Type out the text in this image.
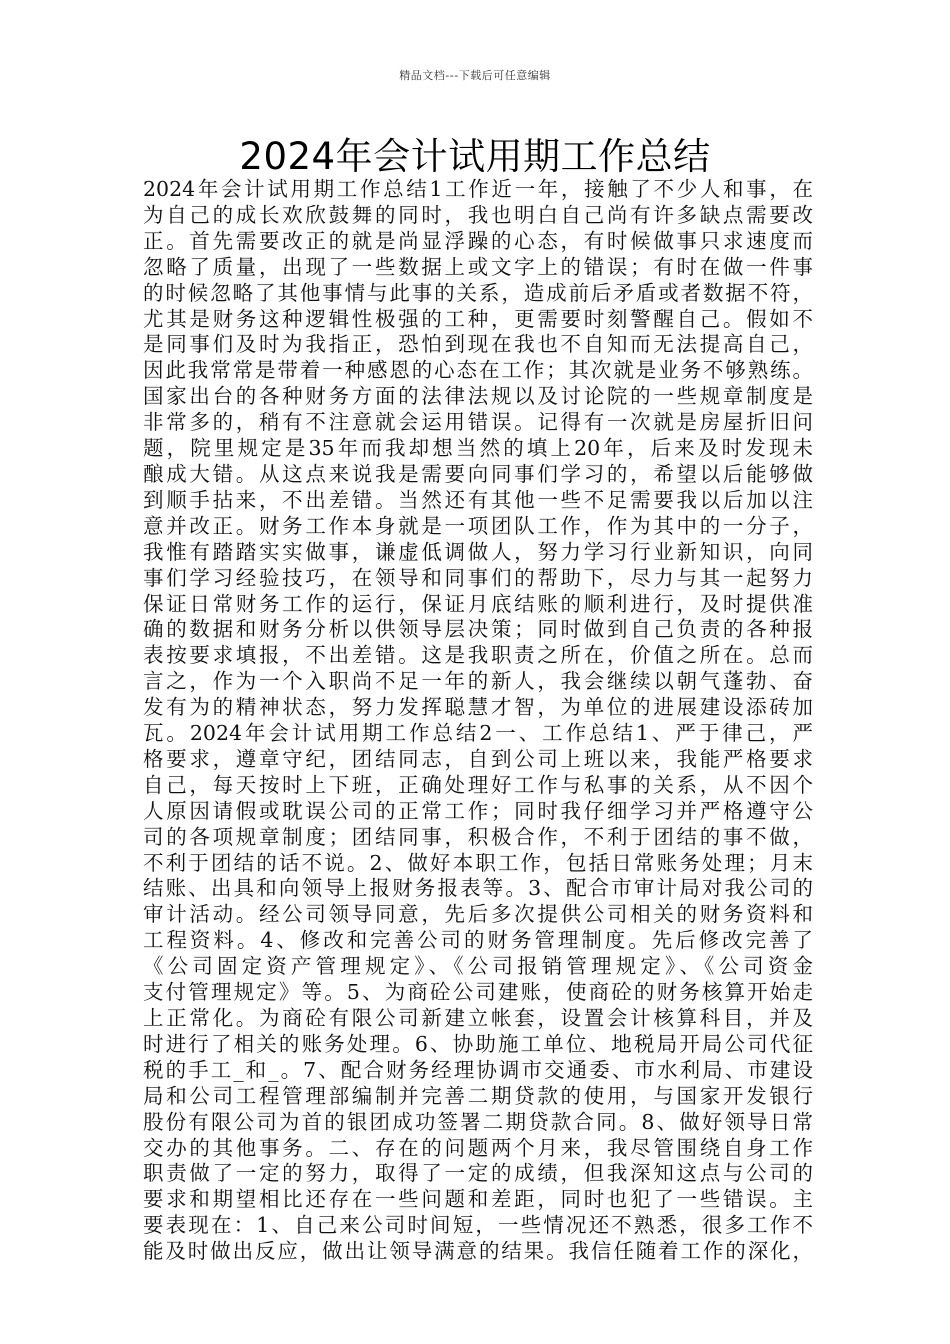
精品文档---下载后可任意编辑
2024年会计试用期工作总结
2024年会计试用期工作总结1工作近一年，接触了不少人和事，在
为自己的成长欢欣鼓舞的同时，我也明白自己尚有许多缺点需要改
正。首先需要改正的就是尚显浮躁的心态，有时候做事只求速度而
忽略了质量，出现了一些数据上或文字上的错误；有时在做一件事
的时候忽略了其他事情与此事的关系，造成前后矛盾或者数据不符，
尤其是财务这种逻辑性极强的工种，更需要时刻警醒自己。假如不
是同事们及时为我指正，恐怕到现在我也不自知而无法提高自己，
因此我常常是带着一种感恩的心态在工作；其次就是业务不够熟练。
国家出台的各种财务方面的法律法规以及讨论院的一些规章制度是
非常多的，稍有不注意就会运用错误。记得有一次就是房屋折旧问
题，院里规定是35年而我却想当然的填上20年，后来及时发现未
酿成大错。从这点来说我是需要向同事们学习的，希望以后能够做
到顺手拈来，不出差错。当然还有其他一些不足需要我以后加以注
意并改正。财务工作本身就是一项团队工作，作为其中的一分子，
我惟有踏踏实实做事，谦虚低调做人，努力学习行业新知识，向同
事们学习经验技巧，在领导和同事们的帮助下，尽力与其一起努力
保证日常财务工作的运行，保证月底结账的顺利进行，及时提供准
确的数据和财务分析以供领导层决策；同时做到自己负责的各种报
表按要求填报，不出差错。这是我职责之所在，价值之所在。总而
言之，作为一个入职尚不足一年的新人，我会继续以朝气蓬勃、奋
发有为的精神状态，努力发挥聪慧才智，为单位的进展建设添砖加
瓦。2024年会计试用期工作总结2一、工作总结1、严于律己，严
格要求，遵章守纪，团结同志，自到公司上班以来，我能严格要求
自己，每天按时上下班，正确处理好工作与私事的关系，从不因个
人原因请假或耽误公司的正常工作；同时我仔细学习并严格遵守公
司的各项规章制度；团结同事，积极合作，不利于团结的事不做，
不利于团结的话不说。2、做好本职工作，包括日常账务处理；月末
结账、出具和向领导上报财务报表等。3、配合市审计局对我公司的
审计活动。经公司领导同意，先后多次提供公司相关的财务资料和
工程资料。4、修改和完善公司的财务管理制度。先后修改完善了
《公司固定资产管理规定》、《公司报销管理规定》、《公司资金
支付管理规定》等。5、为商砼公司建账，使商砼的财务核算开始走
上正常化。为商砼有限公司新建立帐套，设置会计核算科目，并及
时进行了相关的账务处理。6、协助施工单位、地税局开局公司代征
税的手工_和_。7、配合财务经理协调市交通委、市水利局、市建设
局和公司工程管理部编制并完善二期贷款的使用，与国家开发银行
股份有限公司为首的银团成功签署二期贷款合同。8、做好领导日常
交办的其他事务。二、存在的问题两个月来，我尽管围绕自身工作
职责做了一定的努力，取得了一定的成绩，但我深知这点与公司的
要求和期望相比还存在一些问题和差距，同时也犯了一些错误。主
要表现在：1、自己来公司时间短，一些情况还不熟悉，很多工作不
能及时做出反应，做出让领导满意的结果。我信任随着工作的深化，
